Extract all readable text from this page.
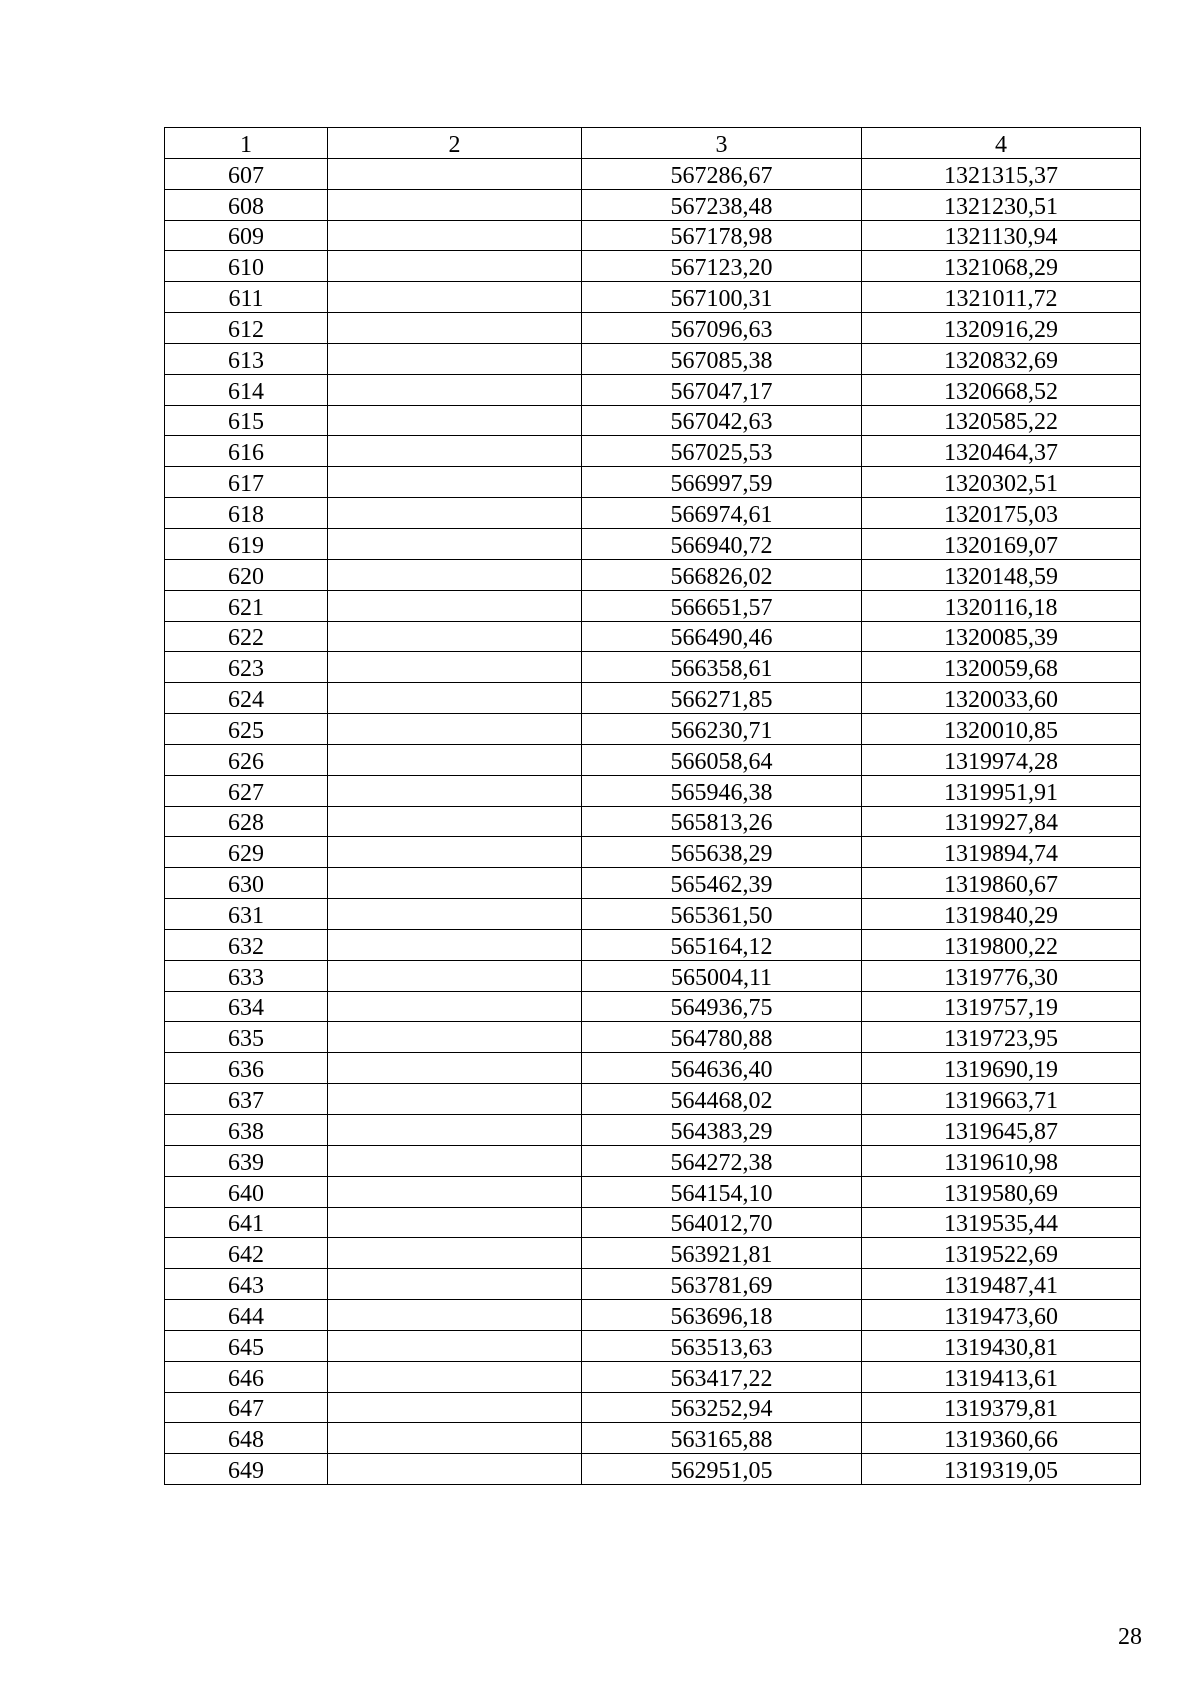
1	2	3	4
607		567286,67	1321315,37
608		567238,48	1321230,51
609		567178,98	1321130,94
610		567123,20	1321068,29
611		567100,31	1321011,72
612		567096,63	1320916,29
613		567085,38	1320832,69
614		567047,17	1320668,52
615		567042,63	1320585,22
616		567025,53	1320464,37
617		566997,59	1320302,51
618		566974,61	1320175,03
619		566940,72	1320169,07
620		566826,02	1320148,59
621		566651,57	1320116,18
622		566490,46	1320085,39
623		566358,61	1320059,68
624		566271,85	1320033,60
625		566230,71	1320010,85
626		566058,64	1319974,28
627		565946,38	1319951,91
628		565813,26	1319927,84
629		565638,29	1319894,74
630		565462,39	1319860,67
631		565361,50	1319840,29
632		565164,12	1319800,22
633		565004,11	1319776,30
634		564936,75	1319757,19
635		564780,88	1319723,95
636		564636,40	1319690,19
637		564468,02	1319663,71
638		564383,29	1319645,87
639		564272,38	1319610,98
640		564154,10	1319580,69
641		564012,70	1319535,44
642		563921,81	1319522,69
643		563781,69	1319487,41
644		563696,18	1319473,60
645		563513,63	1319430,81
646		563417,22	1319413,61
647		563252,94	1319379,81
648		563165,88	1319360,66
649		562951,05	1319319,05
28
